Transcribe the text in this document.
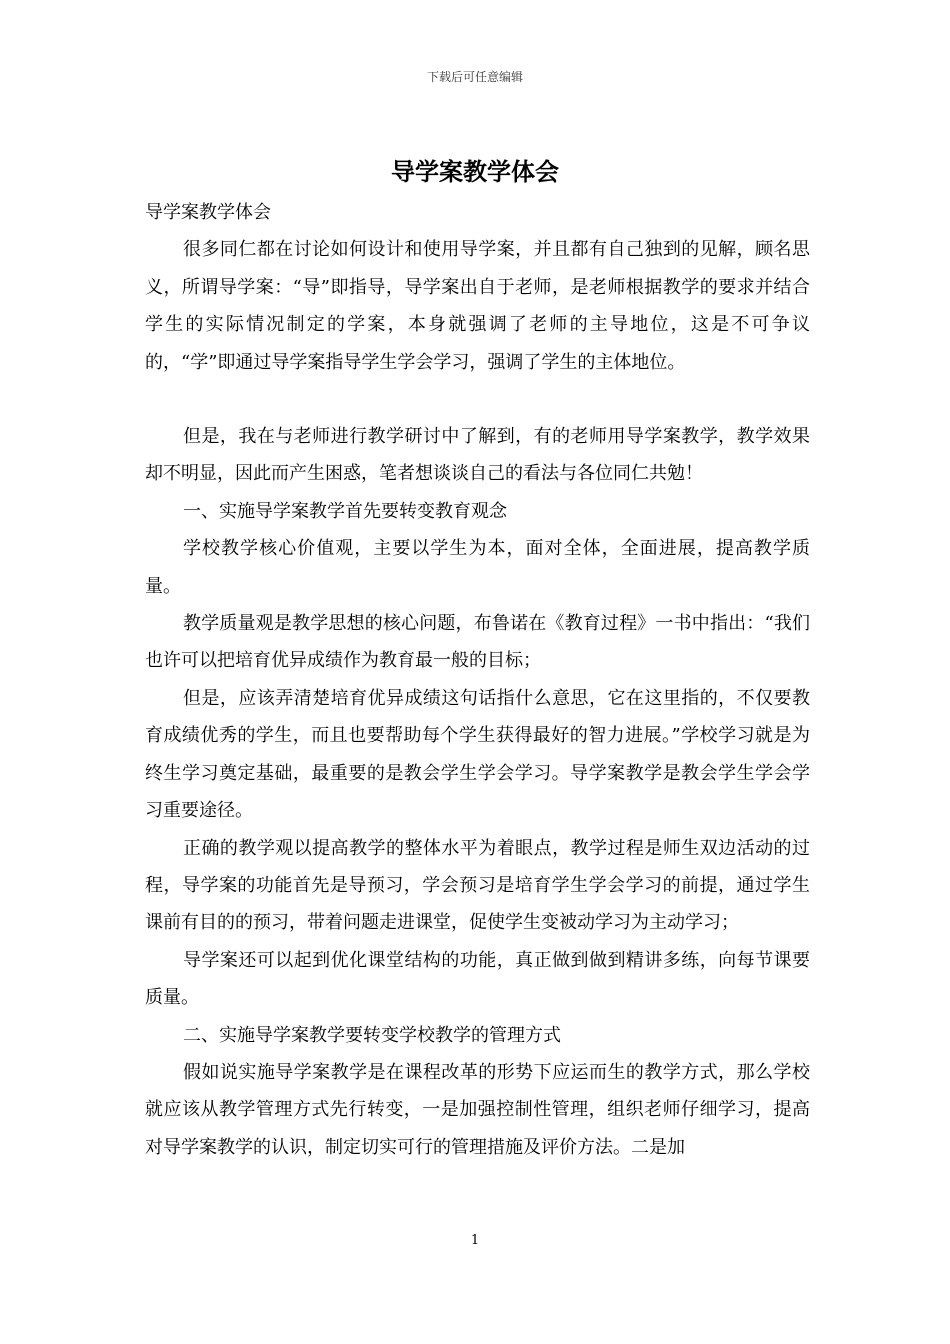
下载后可任意编辑
导学案教学体会

导学案教学体会

很多同仁都在讨论如何设计和使用导学案，并且都有自己独到的见解，顾名思义，所谓导学案：“导”即指导，导学案出自于老师，是老师根据教学的要求并结合学生的实际情况制定的学案，本身就强调了老师的主导地位，这是不可争议的，“学”即通过导学案指导学生学会学习，强调了学生的主体地位。

但是，我在与老师进行教学研讨中了解到，有的老师用导学案教学，教学效果却不明显，因此而产生困惑，笔者想谈谈自己的看法与各位同仁共勉！

一、实施导学案教学首先要转变教育观念

学校教学核心价值观，主要以学生为本，面对全体，全面进展，提高教学质量。

教学质量观是教学思想的核心问题，布鲁诺在《教育过程》一书中指出：“我们也许可以把培育优异成绩作为教育最一般的目标；

但是，应该弄清楚培育优异成绩这句话指什么意思，它在这里指的，不仅要教育成绩优秀的学生，而且也要帮助每个学生获得最好的智力进展。”学校学习就是为终生学习奠定基础，最重要的是教会学生学会学习。导学案教学是教会学生学会学习重要途径。

正确的教学观以提高教学的整体水平为着眼点，教学过程是师生双边活动的过程，导学案的功能首先是导预习，学会预习是培育学生学会学习的前提，通过学生课前有目的的预习，带着问题走进课堂，促使学生变被动学习为主动学习；

导学案还可以起到优化课堂结构的功能，真正做到做到精讲多练，向每节课要质量。

二、实施导学案教学要转变学校教学的管理方式

假如说实施导学案教学是在课程改革的形势下应运而生的教学方式，那么学校就应该从教学管理方式先行转变，一是加强控制性管理，组织老师仔细学习，提高对导学案教学的认识，制定切实可行的管理措施及评价方法。二是加

1
